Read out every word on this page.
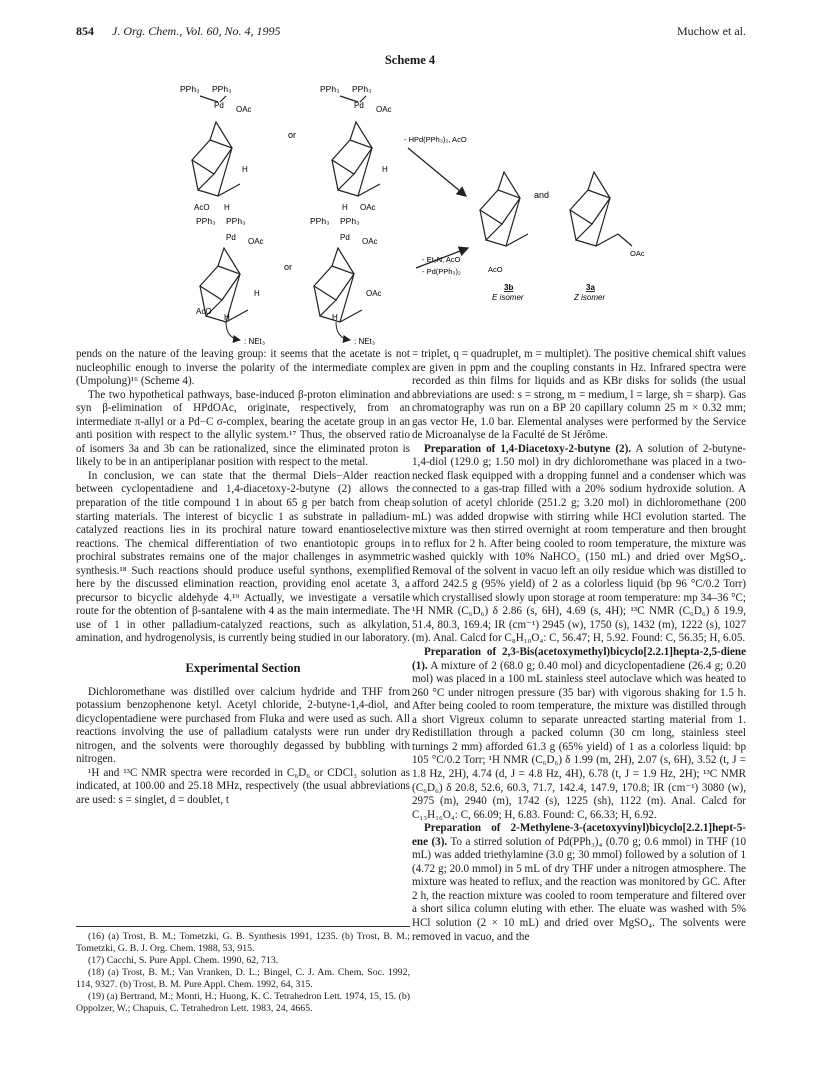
854 J. Org. Chem., Vol. 60, No. 4, 1995	Muchow et al.
Scheme 4
PPh₃ PPh₃
Pd OAc
H
AcO H
or
PPh₃ PPh₃
Pd OAc
H
H OAc
- HPd(PPh₃)₂, AcO
AcO
3b
E isomer
and
OAc
3a
Z isomer
- Et₃N, AcO
- Pd(PPh₃)₂
PPh₃ PPh₃
Pd OAc
H
AcO
H
: NEt₃
or
PPh₃ PPh₃
Pd OAc
OAc
H
: NEt₃

pends on the nature of the leaving group: it seems that the acetate is not nucleophilic enough to inverse the polarity of the intermediate complex (Umpolung)¹⁶ (Scheme 4).

The two hypothetical pathways, base-induced β-proton elimination and syn β-elimination of HPdOAc, originate, respectively, from an intermediate π-allyl or a Pd−C σ-complex, bearing the acetate group in an anti position with respect to the allylic system.¹⁷ Thus, the observed ratio of isomers 3a and 3b can be rationalized, since the eliminated proton is likely to be in an antiperiplanar position with respect to the metal.

In conclusion, we can state that the thermal Diels−Alder reaction between cyclopentadiene and 1,4-diacetoxy-2-butyne (2) allows the preparation of the title compound 1 in about 65 g per batch from cheap starting materials. The interest of bicyclic 1 as substrate in palladium-catalyzed reactions lies in its prochiral nature toward enantioselective reactions. The chemical differentiation of two enantiotopic groups in prochiral substrates remains one of the major challenges in asymmetric synthesis.¹⁸ Such reactions should produce useful synthons, exemplified here by the discussed elimination reaction, providing enol acetate 3, a precursor to bicyclic aldehyde 4.¹⁹ Actually, we investigate a versatile route for the obtention of β-santalene with 4 as the main intermediate. The use of 1 in other palladium-catalyzed reactions, such as alkylation, amination, and hydrogenolysis, is currently being studied in our laboratory.

Experimental Section

Dichloromethane was distilled over calcium hydride and THF from potassium benzophenone ketyl. Acetyl chloride, 2-butyne-1,4-diol, and dicyclopentadiene were purchased from Fluka and were used as such. All reactions involving the use of palladium catalysts were run under dry nitrogen, and the solvents were thoroughly degassed by bubbling with nitrogen.

¹H and ¹³C NMR spectra were recorded in C₆D₆ or CDCl₃ solution as indicated, at 100.00 and 25.18 MHz, respectively (the usual abbreviations are used: s = singlet, d = doublet, t

(16) (a) Trost, B. M.; Tometzki, G. B. Synthesis 1991, 1235. (b) Trost, B. M.; Tometzki, G. B. J. Org. Chem. 1988, 53, 915.

(17) Cacchi, S. Pure Appl. Chem. 1990, 62, 713.

(18) (a) Trost, B. M.; Van Vranken, D. L.; Bingel, C. J. Am. Chem. Soc. 1992, 114, 9327. (b) Trost, B. M. Pure Appl. Chem. 1992, 64, 315.

(19) (a) Bertrand, M.; Monti, H.; Huong, K. C. Tetrahedron Lett. 1974, 15, 15. (b) Oppolzer, W.; Chapuis, C. Tetrahedron Lett. 1983, 24, 4665.

= triplet, q = quadruplet, m = multiplet). The positive chemical shift values are given in ppm and the coupling constants in Hz. Infrared spectra were recorded as thin films for liquids and as KBr disks for solids (the usual abbreviations are used: s = strong, m = medium, l = large, sh = sharp). Gas chromatography was run on a BP 20 capillary column 25 m × 0.32 mm; gas vector He, 1.0 bar. Elemental analyses were performed by the Service de Microanalyse de la Faculté de St Jérôme.

Preparation of 1,4-Diacetoxy-2-butyne (2). A solution of 2-butyne-1,4-diol (129.0 g; 1.50 mol) in dry dichloromethane was placed in a two-necked flask equipped with a dropping funnel and a condenser which was connected to a gas-trap filled with a 20% sodium hydroxide solution. A solution of acetyl chloride (251.2 g; 3.20 mol) in dichloromethane (200 mL) was added dropwise with stirring while HCl evolution started. The mixture was then stirred overnight at room temperature and then brought to reflux for 2 h. After being cooled to room temperature, the mixture was washed quickly with 10% NaHCO₃ (150 mL) and dried over MgSO₄. Removal of the solvent in vacuo left an oily residue which was distilled to afford 242.5 g (95% yield) of 2 as a colorless liquid (bp 96 °C/0.2 Torr) which crystallised slowly upon storage at room temperature: mp 34–36 °C; ¹H NMR (C₆D₆) δ 2.86 (s, 6H), 4.69 (s, 4H); ¹³C NMR (C₆D₆) δ 19.9, 51.4, 80.3, 169.4; IR (cm⁻¹) 2945 (w), 1750 (s), 1432 (m), 1222 (s), 1027 (m). Anal. Calcd for C₈H₁₀O₄: C, 56.47; H, 5.92. Found: C, 56.35; H, 6.05.

Preparation of 2,3-Bis(acetoxymethyl)bicyclo[2.2.1]hepta-2,5-diene (1). A mixture of 2 (68.0 g; 0.40 mol) and dicyclopentadiene (26.4 g; 0.20 mol) was placed in a 100 mL stainless steel autoclave which was heated to 260 °C under nitrogen pressure (35 bar) with vigorous shaking for 1.5 h. After being cooled to room temperature, the mixture was distilled through a short Vigreux column to separate unreacted starting material from 1. Redistillation through a packed column (30 cm long, stainless steel turnings 2 mm) afforded 61.3 g (65% yield) of 1 as a colorless liquid: bp 105 °C/0.2 Torr; ¹H NMR (C₆D₆) δ 1.99 (m, 2H), 2.07 (s, 6H), 3.52 (t, J = 1.8 Hz, 2H), 4.74 (d, J = 4.8 Hz, 4H), 6.78 (t, J = 1.9 Hz, 2H); ¹³C NMR (C₆D₆) δ 20.8, 52.6, 60.3, 71.7, 142.4, 147.9, 170.8; IR (cm⁻¹) 3080 (w), 2975 (m), 2940 (m), 1742 (s), 1225 (sh), 1122 (m). Anal. Calcd for C₁₃H₁₆O₄: C, 66.09; H, 6.83. Found: C, 66.33; H, 6.92.

Preparation of 2-Methylene-3-(acetoxyvinyl)bicyclo[2.2.1]hept-5-ene (3). To a stirred solution of Pd(PPh₃)₄ (0.70 g; 0.6 mmol) in THF (10 mL) was added triethylamine (3.0 g; 30 mmol) followed by a solution of 1 (4.72 g; 20.0 mmol) in 5 mL of dry THF under a nitrogen atmosphere. The mixture was heated to reflux, and the reaction was monitored by GC. After 2 h, the reaction mixture was cooled to room temperature and filtered over a short silica column eluting with ether. The eluate was washed with 5% HCl solution (2 × 10 mL) and dried over MgSO₄. The solvents were removed in vacuo, and the
